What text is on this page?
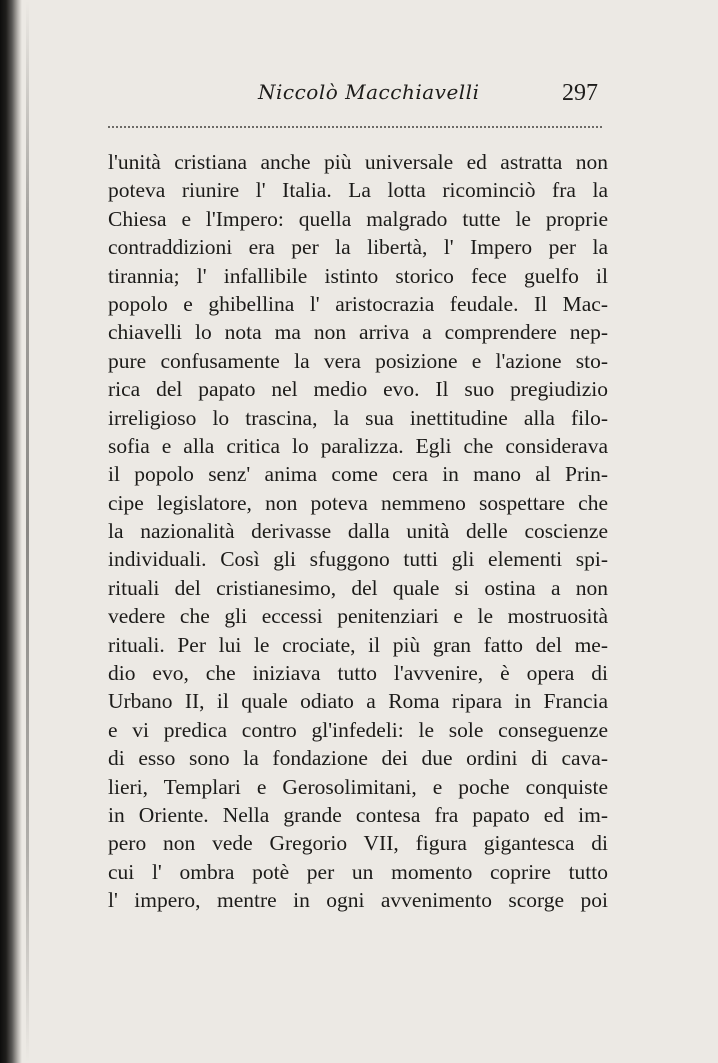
Niccolò Macchiavelli	297
l'unità cristiana anche più universale ed astratta non
poteva riunire l' Italia. La lotta ricominciò fra la
Chiesa e l'Impero: quella malgrado tutte le proprie
contraddizioni era per la libertà, l' Impero per la
tirannia; l' infallibile istinto storico fece guelfo il
popolo e ghibellina l' aristocrazia feudale. Il Mac-
chiavelli lo nota ma non arriva a comprendere nep-
pure confusamente la vera posizione e l'azione sto-
rica del papato nel medio evo. Il suo pregiudizio
irreligioso lo trascina, la sua inettitudine alla filo-
sofia e alla critica lo paralizza. Egli che considerava
il popolo senz' anima come cera in mano al Prin-
cipe legislatore, non poteva nemmeno sospettare che
la nazionalità derivasse dalla unità delle coscienze
individuali. Così gli sfuggono tutti gli elementi spi-
rituali del cristianesimo, del quale si ostina a non
vedere che gli eccessi penitenziari e le mostruosità
rituali. Per lui le crociate, il più gran fatto del me-
dio evo, che iniziava tutto l'avvenire, è opera di
Urbano II, il quale odiato a Roma ripara in Francia
e vi predica contro gl'infedeli: le sole conseguenze
di esso sono la fondazione dei due ordini di cava-
lieri, Templari e Gerosolimitani, e poche conquiste
in Oriente. Nella grande contesa fra papato ed im-
pero non vede Gregorio VII, figura gigantesca di
cui l' ombra potè per un momento coprire tutto
l' impero, mentre in ogni avvenimento scorge poi
